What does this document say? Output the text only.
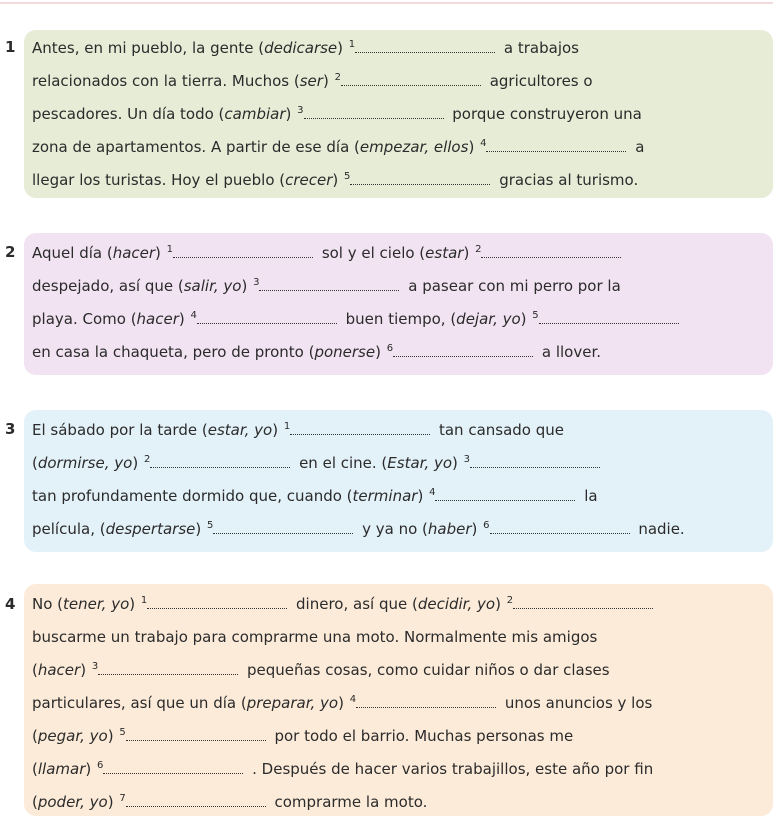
1 Antes, en mi pueblo, la gente (dedicarse) $^1$	a trabajos
relacionados con la tierra. Muchos (ser) $^2$	agricultores o
pescadores. Un día todo (cambiar) $^3$	porque construyeron una
zona de apartamentos. A partir de ese día (empezar, ellos) $^4$	a
llegar los turistas. Hoy el pueblo (crecer) $^5$	gracias al turismo.
2 Aquel día (hacer) $^1$	sol y el cielo (estar) $^2$
despejado, así que (salir, yo) $^3$	a pasear con mi perro por la
playa. Como (hacer) $^4$	buen tiempo, (dejar, yo) $^5$
en casa la chaqueta, pero de pronto (ponerse) $^6$	a llover.
3 El sábado por la tarde (estar, yo) $^1$	tan cansado que
(dormirse, yo) $^2$	en el cine. (Estar, yo) $^3$
tan profundamente dormido que, cuando (terminar) $^4$	la
película, (despertarse) $^5$	y ya no (haber) $^6$	nadie.
4 No (tener, yo) $^1$	dinero, así que (decidir, yo) $^2$
buscarme un trabajo para comprarme una moto. Normalmente mis amigos
(hacer) $^3$	pequeñas cosas, como cuidar niños o dar clases
particulares, así que un día (preparar, yo) $^4$	unos anuncios y los
(pegar, yo) $^5$	por todo el barrio. Muchas personas me
(llamar) $^6$	. Después de hacer varios trabajillos, este año por fin
(poder, yo) $^7$	comprarme la moto.
